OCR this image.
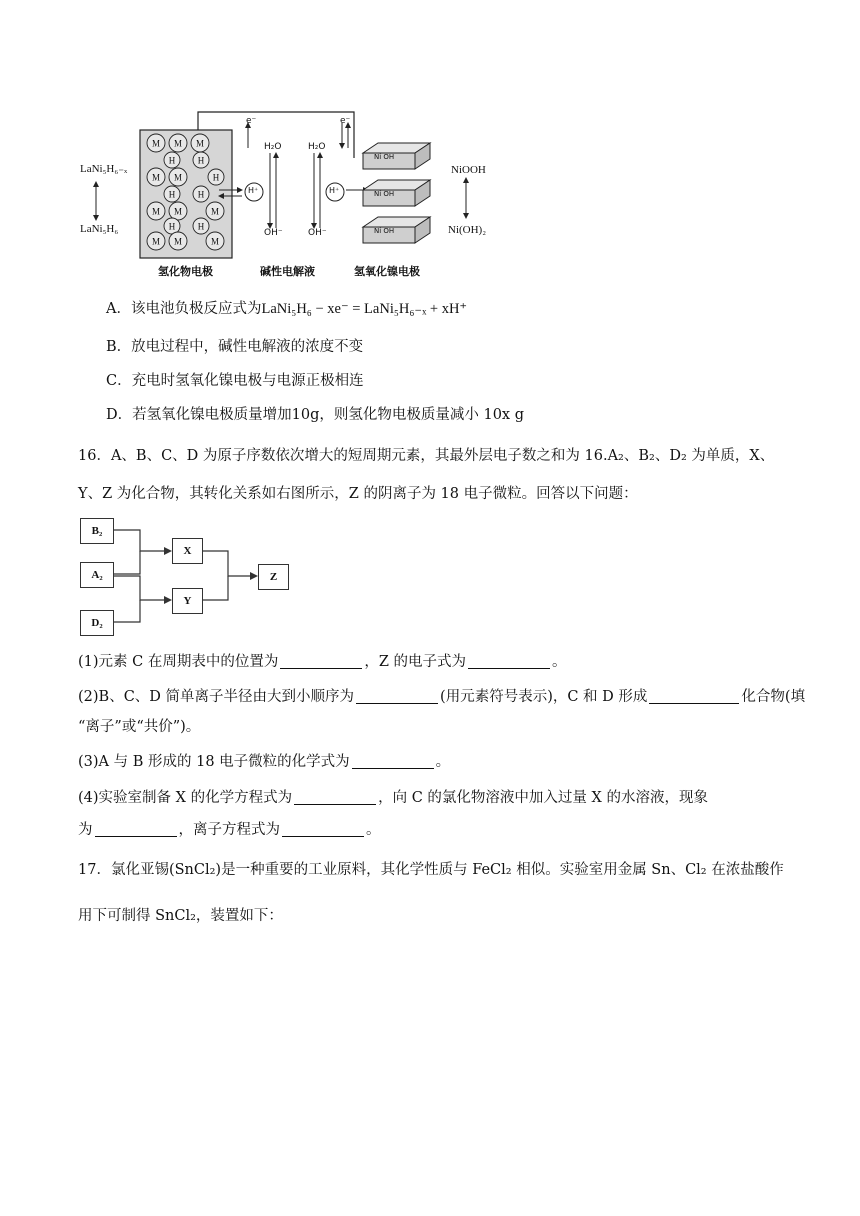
M M M
H	H
M M	H
H	H
M M	M
H	H
M M	M
LaNi₅H₆₋ₓ
LaNi₅H₆
NiOOH
Ni(OH)₂
H₂O	H₂O
OH⁻	OH⁻
H⁺	H⁺
e⁻	e⁻
Ni OH
Ni OH
Ni OH
氢化物电极	碱性电解液	氢氧化镍电极
A．该电池负极反应式为LaNi₅H₆ − xe⁻ = LaNi₅H₆₋ₓ + xH⁺
B．放电过程中，碱性电解液的浓度不变
C．充电时氢氧化镍电极与电源正极相连
D．若氢氧化镍电极质量增加10g，则氢化物电极质量减小 10x g
16．A、B、C、D 为原子序数依次增大的短周期元素，其最外层电子数之和为 16.A₂、B₂、D₂ 为单质，X、
Y、Z 为化合物，其转化关系如右图所示，Z 的阴离子为 18 电子微粒。回答以下问题：
B₂
A₂
D₂
X
Y
Z
(1)元素 C 在周期表中的位置为	，Z 的电子式为	。
(2)B、C、D 简单离子半径由大到小顺序为	(用元素符号表示)，C 和 D 形成	化合物(填
“离子”或“共价”)。
(3)A 与 B 形成的 18 电子微粒的化学式为	。
(4)实验室制备 X 的化学方程式为	，向 C 的氯化物溶液中加入过量 X 的水溶液，现象
为	，离子方程式为	。
17．氯化亚锡(SnCl₂)是一种重要的工业原料，其化学性质与 FeCl₂ 相似。实验室用金属 Sn、Cl₂ 在浓盐酸作
用下可制得 SnCl₂，装置如下：
